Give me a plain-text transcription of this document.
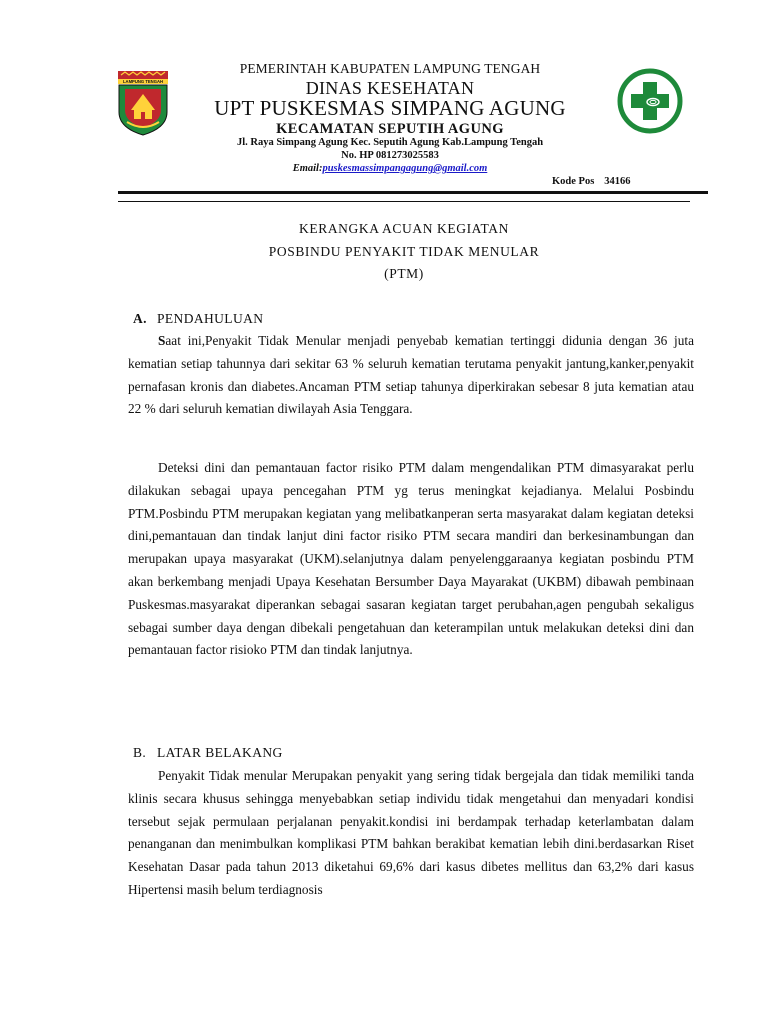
LAMPUNG TENGAH
PEMERINTAH KABUPATEN LAMPUNG TENGAH
DINAS KESEHATAN
UPT PUSKESMAS SIMPANG AGUNG
KECAMATAN SEPUTIH AGUNG
Jl. Raya Simpang Agung Kec. Seputih Agung Kab.Lampung Tengah
No. HP 081273025583
Email:puskesmassimpangagung@gmail.com
Kode Pos 34166
KERANGKA ACUAN KEGIATAN
POSBINDU PENYAKIT TIDAK MENULAR
(PTM)
A. PENDAHULUAN

Saat ini,Penyakit Tidak Menular menjadi penyebab kematian tertinggi didunia dengan 36 juta kematian setiap tahunnya dari sekitar 63 % seluruh kematian terutama penyakit jantung,kanker,penyakit pernafasan kronis dan diabetes.Ancaman PTM setiap tahunya diperkirakan sebesar 8 juta kematian atau 22 % dari seluruh kematian diwilayah Asia Tenggara.

Deteksi dini dan pemantauan factor risiko PTM dalam mengendalikan PTM dimasyarakat perlu dilakukan sebagai upaya pencegahan PTM yg terus meningkat kejadianya. Melalui Posbindu PTM.Posbindu PTM merupakan kegiatan yang melibatkanperan serta masyarakat dalam kegiatan deteksi dini,pemantauan dan tindak lanjut dini factor risiko PTM secara mandiri dan berkesinambungan dan merupakan upaya masyarakat (UKM).selanjutnya dalam penyelenggaraanya kegiatan posbindu PTM akan berkembang menjadi Upaya Kesehatan Bersumber Daya Mayarakat (UKBM) dibawah pembinaan Puskesmas.masyarakat diperankan sebagai sasaran kegiatan target perubahan,agen pengubah sekaligus sebagai sumber daya dengan dibekali pengetahuan dan keterampilan untuk melakukan deteksi dini dan pemantauan factor risioko PTM dan tindak lanjutnya.

B. LATAR BELAKANG

Penyakit Tidak menular Merupakan penyakit yang sering tidak bergejala dan tidak memiliki tanda klinis secara khusus sehingga menyebabkan setiap individu tidak mengetahui dan menyadari kondisi tersebut sejak permulaan perjalanan penyakit.kondisi ini berdampak terhadap keterlambatan dalam penanganan dan menimbulkan komplikasi PTM bahkan berakibat kematian lebih dini.berdasarkan Riset Kesehatan Dasar pada tahun 2013 diketahui 69,6% dari kasus dibetes mellitus dan 63,2% dari kasus Hipertensi masih belum terdiagnosis
